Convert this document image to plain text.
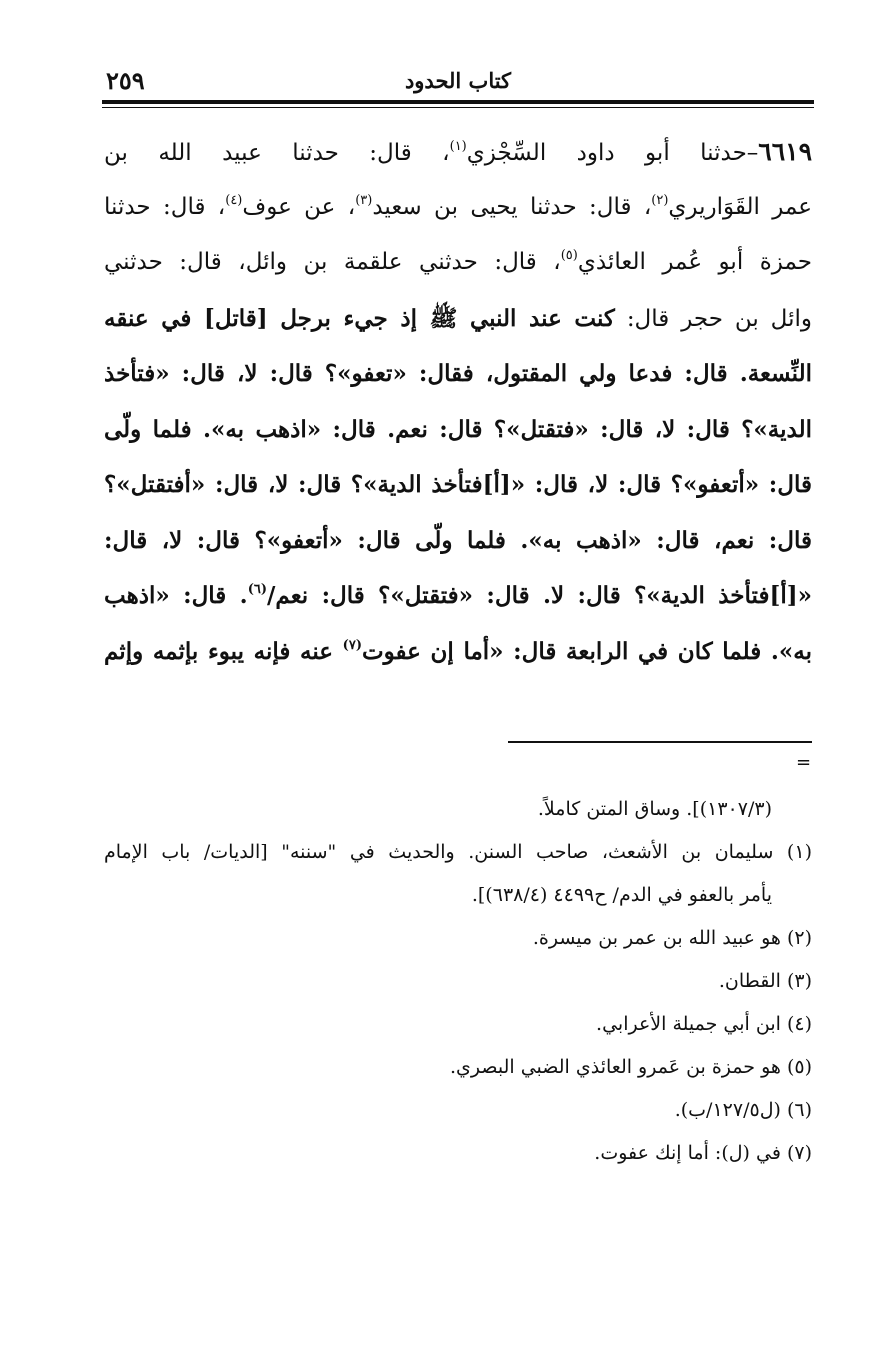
كتاب الحدود
٢٥٩
٦٦١٩–حدثنا أبو داود السِّجْزي$^{(١)}$، قال: حدثنا عبيد الله بن
عمر القَوَاريري$^{(٢)}$، قال: حدثنا يحيى بن سعيد$^{(٣)}$، عن عوف$^{(٤)}$، قال: حدثنا
حمزة أبو عُمر العائذي$^{(٥)}$، قال: حدثني علقمة بن وائل، قال: حدثني
وائل بن حجر قال: كنت عند النبي ﷺ إذ جيء برجل [قاتل] في عنقه
النِّسعة. قال: فدعا ولي المقتول، فقال: «تعفو»؟ قال: لا، قال: «فتأخذ
الدية»؟ قال: لا، قال: «فتقتل»؟ قال: نعم. قال: «اذهب به». فلما ولّى
قال: «أتعفو»؟ قال: لا، قال: «[أ]فتأخذ الدية»؟ قال: لا، قال: «أفتقتل»؟
قال: نعم، قال: «اذهب به». فلما ولّى قال: «أتعفو»؟ قال: لا، قال:
«[أ]فتأخذ الدية»؟ قال: لا. قال: «فتقتل»؟ قال: نعم/$^{(٦)}$. قال: «اذهب
به». فلما كان في الرابعة قال: «أما إن عفوت$^{(٧)}$ عنه فإنه يبوء بإثمه وإثم
=
(١٣٠٧/٣)]. وساق المتن كاملاً.
(١) سليمان بن الأشعث، صاحب السنن. والحديث في "سننه" [الديات/ باب الإمام
يأمر بالعفو في الدم/ ح٤٤٩٩ (٦٣٨/٤)].
(٢) هو عبيد الله بن عمر بن ميسرة.
(٣) القطان.
(٤) ابن أبي جميلة الأعرابي.
(٥) هو حمزة بن عَمرو العائذي الضبي البصري.
(٦) (ل١٢٧/٥/ب).
(٧) في (ل): أما إنك عفوت.
